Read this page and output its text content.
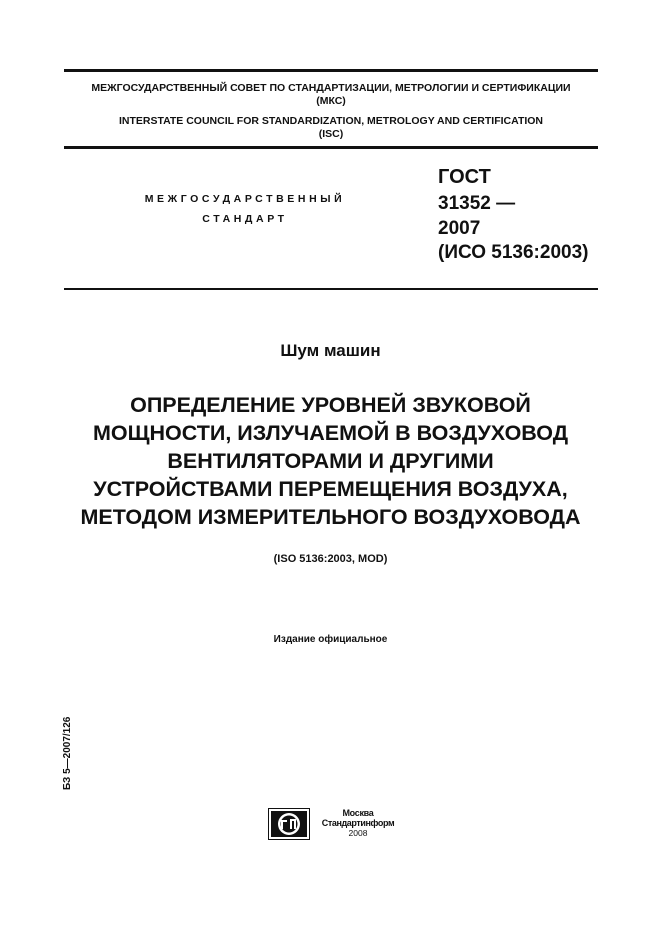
МЕЖГОСУДАРСТВЕННЫЙ СОВЕТ ПО СТАНДАРТИЗАЦИИ, МЕТРОЛОГИИ И СЕРТИФИКАЦИИ
(МКС)
INTERSTATE COUNCIL FOR STANDARDIZATION, METROLOGY AND CERTIFICATION
(ISC)
МЕЖГОСУДАРСТВЕННЫЙ
СТАНДАРТ
ГОСТ
31352 —
2007
(ИСО 5136:2003)
Шум машин
ОПРЕДЕЛЕНИЕ УРОВНЕЙ ЗВУКОВОЙ
МОЩНОСТИ, ИЗЛУЧАЕМОЙ В ВОЗДУХОВОД
ВЕНТИЛЯТОРАМИ И ДРУГИМИ
УСТРОЙСТВАМИ ПЕРЕМЕЩЕНИЯ ВОЗДУХА,
МЕТОДОМ ИЗМЕРИТЕЛЬНОГО ВОЗДУХОВОДА
(ISO 5136:2003, MOD)
Издание официальное
БЗ 5—2007/126
Москва
Стандартинформ
2008
